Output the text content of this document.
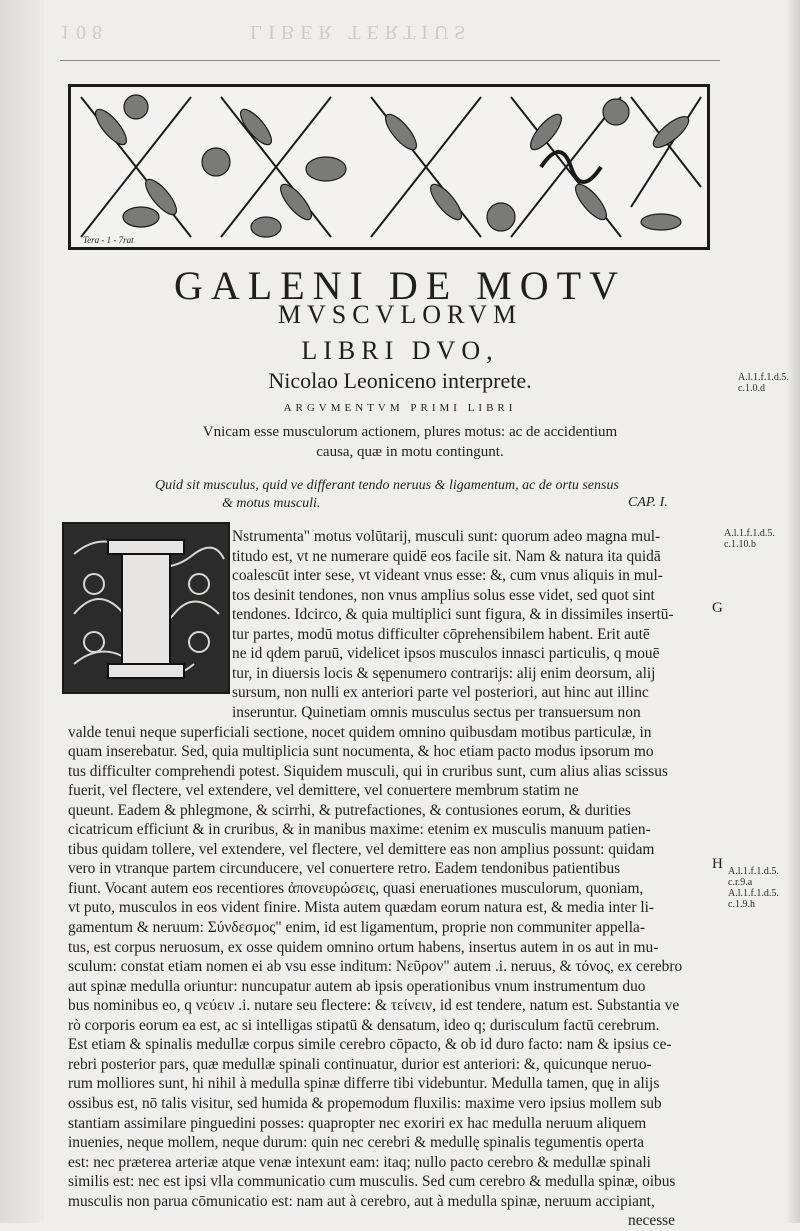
108	LIBER TERTIUS
Tera - 1 - 7rat
GALENI DE MOTV
MVSCVLORVM
LIBRI DVO,
Nicolao Leoniceno interprete.
ARGVMENTVM PRIMI LIBRI
Vnicam esse musculorum actionem, plures motus: ac de accidentium
causa, quæ in motu contingunt.
Quid sit musculus, quid ve differant tendo neruus & ligamentum, ac de ortu sensus
& motus musculi.	CAP. I.
Nstrumenta" motus volūtarij, musculi sunt: quorum adeo magna mul-
titudo est, vt ne numerare quidē eos facile sit. Nam & natura ita quidā
coalescūt inter sese, vt videant vnus esse: &, cum vnus aliquis in mul-
tos desinit tendones, non vnus amplius solus esse videt, sed quot sint
tendones. Idcirco, & quia multiplici sunt figura, & in dissimiles insertū-
tur partes, modū motus difficulter cōprehensibilem habent. Erit autē
ne id qdem paruū, videlicet ipsos musculos innasci particulis, q mouē
tur, in diuersis locis & sępenumero contrarijs: alij enim deorsum, alij
sursum, non nulli ex anteriori parte vel posteriori, aut hinc aut illinc
inseruntur. Quinetiam omnis musculus sectus per transuersum non
valde tenui neque superficiali sectione, nocet quidem omnino quibusdam motibus particulæ, in
quam inserebatur. Sed, quia multiplicia sunt nocumenta, & hoc etiam pacto modus ipsorum mo
tus difficulter comprehendi potest. Siquidem musculi, qui in cruribus sunt, cum alius alias scissus
fuerit, vel flectere, vel extendere, vel demittere, vel conuertere membrum statim ne
queunt. Eadem & phlegmone, & scirrhi, & putrefactiones, & contusiones eorum, & durities
cicatricum efficiunt & in cruribus, & in manibus maxime: etenim ex musculis manuum patien-
tibus quidam tollere, vel extendere, vel flectere, vel demittere eas non amplius possunt: quidam
vero in vtranque partem circunducere, vel conuertere retro. Eadem tendonibus patientibus
fiunt. Vocant autem eos recentiores ἀπονευρώσεις, quasi eneruationes musculorum, quoniam,
vt puto, musculos in eos vident finire. Mista autem quædam eorum natura est, & media inter li-
gamentum & neruum: Σύνδεσμος" enim, id est ligamentum, proprie non communiter appella-
tus, est corpus neruosum, ex osse quidem omnino ortum habens, insertus autem in os aut in mu-
sculum: constat etiam nomen ei ab vsu esse inditum: Νεῦρον" autem .i. neruus, & τόνος, ex cerebro
aut spinæ medulla oriuntur: nuncupatur autem ab ipsis operationibus vnum instrumentum duo
bus nominibus eo, q νεύειν .i. nutare seu flectere: & τείνειν, id est tendere, natum est. Substantia ve
rò corporis eorum ea est, ac si intelligas stipatū & densatum, ideo q; durisculum factū cerebrum.
Est etiam & spinalis medullæ corpus simile cerebro cōpacto, & ob id duro facto: nam & ipsius ce-
rebri posterior pars, quæ medullæ spinali continuatur, durior est anteriori: &, quicunque neruo-
rum molliores sunt, hi nihil à medulla spinæ differre tibi videbuntur. Medulla tamen, quę in alijs
ossibus est, nō talis visitur, sed humida & propemodum fluxilis: maxime vero ipsius mollem sub
stantiam assimilare pinguedini posses: quapropter nec exoriri ex hac medulla neruum aliquem
inuenies, neque mollem, neque durum: quin nec cerebri & medullę spinalis tegumentis operta
est: nec præterea arteriæ atque venæ intexunt eam: itaq; nullo pacto cerebro & medullæ spinali
similis est: nec est ipsi vlla communicatio cum musculis. Sed cum cerebro & medulla spinæ, oibus
musculis non parua cōmunicatio est: nam aut à cerebro, aut à medulla spinæ, neruum accipiant,
necesse
A.l.1.f.1.d.5.
c.1.0.d
A.l.1.f.1.d.5.
c.1.10.b
G
H A.l.1.f.1.d.5.
c.r.9.a
A.l.1.f.1.d.5.
c.1.9.h
